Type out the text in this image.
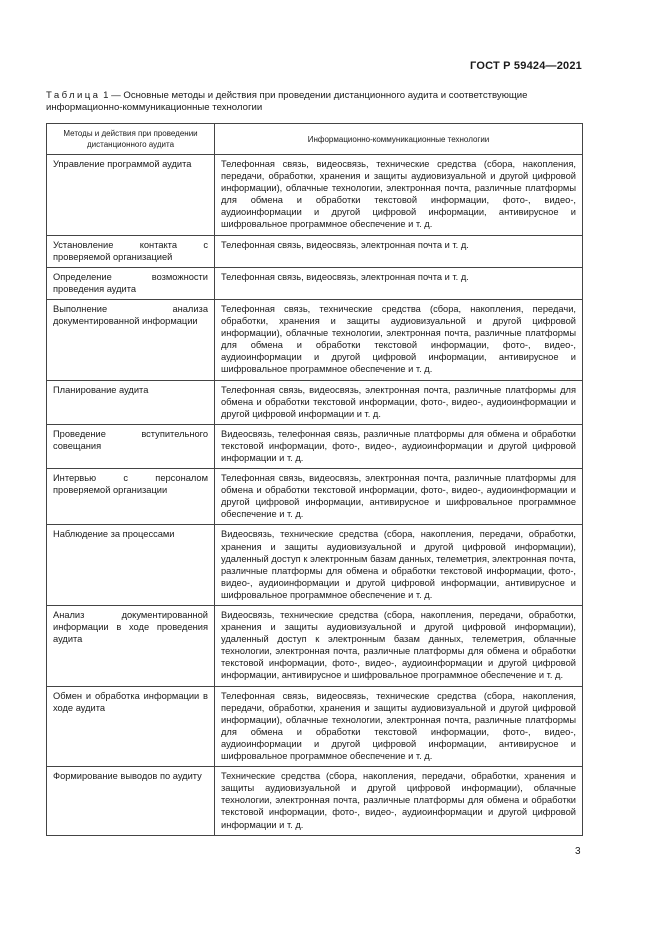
ГОСТ Р 59424—2021
Таблица 1 — Основные методы и действия при проведении дистанционного аудита и соответствующие информационно-коммуникационные технологии
Методы и действия при проведении дистанционного аудита	Информационно-коммуникационные технологии
Управление программой аудита	Телефонная связь, видеосвязь, технические средства (сбора, накопления, передачи, обработки, хранения и защиты аудиовизуальной и другой цифровой информации), облачные технологии, электронная почта, различные платформы для обмена и обработки текстовой информации, фото-, видео-, аудиоинформации и другой цифровой информации, антивирусное и шифровальное программное обеспечение и т. д.
Установление контакта с проверяемой организацией	Телефонная связь, видеосвязь, электронная почта и т. д.
Определение возможности проведения аудита	Телефонная связь, видеосвязь, электронная почта и т. д.
Выполнение анализа документированной информации	Телефонная связь, технические средства (сбора, накопления, передачи, обработки, хранения и защиты аудиовизуальной и другой цифровой информации), облачные технологии, электронная почта, различные платформы для обмена и обработки текстовой информации, фото-, видео-, аудиоинформации и другой цифровой информации, антивирусное и шифровальное программное обеспечение и т. д.
Планирование аудита	Телефонная связь, видеосвязь, электронная почта, различные платформы для обмена и обработки текстовой информации, фото-, видео-, аудиоинформации и другой цифровой информации и т. д.
Проведение вступительного совещания	Видеосвязь, телефонная связь, различные платформы для обмена и обработки текстовой информации, фото-, видео-, аудиоинформации и другой цифровой информации и т. д.
Интервью с персоналом проверяемой организации	Телефонная связь, видеосвязь, электронная почта, различные платформы для обмена и обработки текстовой информации, фото-, видео-, аудиоинформации и другой цифровой информации, антивирусное и шифровальное программное обеспечение и т. д.
Наблюдение за процессами	Видеосвязь, технические средства (сбора, накопления, передачи, обработки, хранения и защиты аудиовизуальной и другой цифровой информации), удаленный доступ к электронным базам данных, телеметрия, электронная почта, различные платформы для обмена и обработки текстовой информации, фото-, видео-, аудиоинформации и другой цифровой информации, антивирусное и шифровальное программное обеспечение и т. д.
Анализ документированной информации в ходе проведения аудита	Видеосвязь, технические средства (сбора, накопления, передачи, обработки, хранения и защиты аудиовизуальной и другой цифровой информации), удаленный доступ к электронным базам данных, телеметрия, облачные технологии, электронная почта, различные платформы для обмена и обработки текстовой информации, фото-, видео-, аудиоинформации и другой цифровой информации, антивирусное и шифровальное программное обеспечение и т. д.
Обмен и обработка информации в ходе аудита	Телефонная связь, видеосвязь, технические средства (сбора, накопления, передачи, обработки, хранения и защиты аудиовизуальной и другой цифровой информации), облачные технологии, электронная почта, различные платформы для обмена и обработки текстовой информации, фото-, видео-, аудиоинформации и другой цифровой информации, антивирусное и шифровальное программное обеспечение и т. д.
Формирование выводов по аудиту	Технические средства (сбора, накопления, передачи, обработки, хранения и защиты аудиовизуальной и другой цифровой информации), облачные технологии, электронная почта, различные платформы для обмена и обработки текстовой информации, фото-, видео-, аудиоинформации и другой цифровой информации и т. д.
3
